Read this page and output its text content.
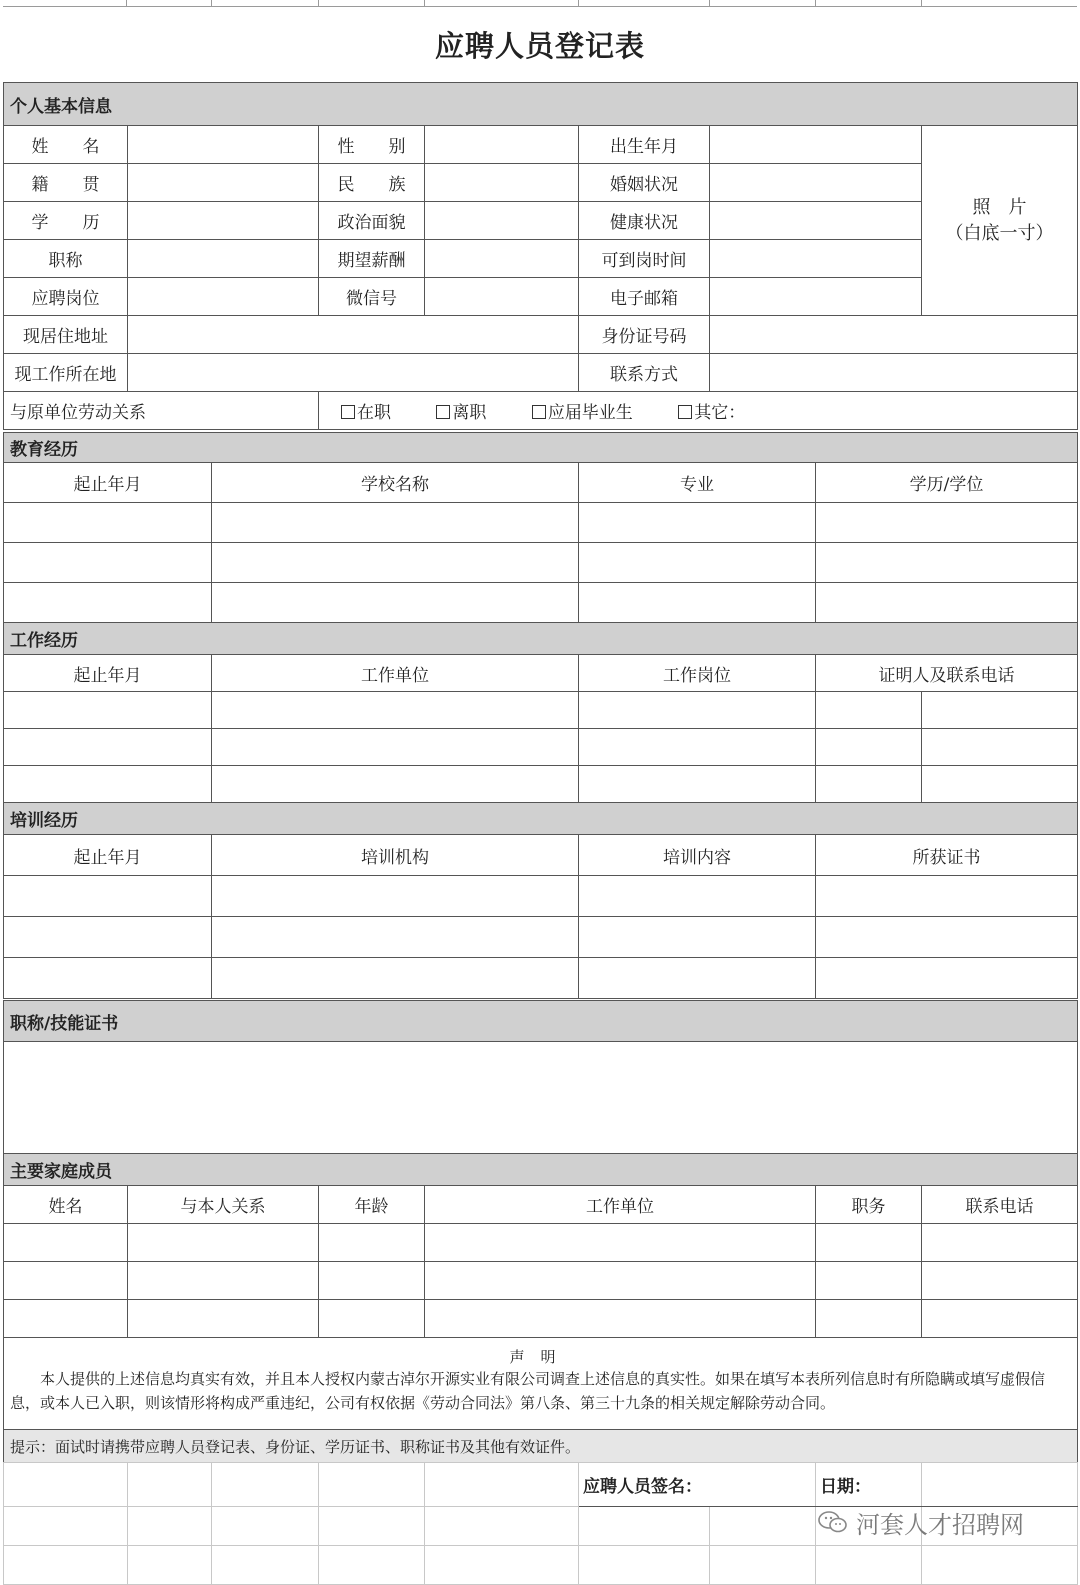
应聘人员登记表
个人基本信息						
姓　　名		性　　别		出生年月		照　片
（白底一寸）

籍　　贯		民　　族		婚姻状况		
学　　历		政治面貌		健康状况		
职称		期望薪酬		可到岗时间		
应聘岗位		微信号		电子邮箱		
现居住地址				身份证号码		
现工作所在地				联系方式		
与原单位劳动关系		在职 离职 应届毕业生 其它：				
教育经历			
起止年月	学校名称	专业	学历/学位

工作经历				
起止年月	工作单位	工作岗位	证明人及联系电话	

培训经历			
起止年月	培训机构	培训内容	所获证书

职称/技能证书

主要家庭成员					
姓名	与本人关系	年龄	工作单位	职务	联系电话

声明
本人提供的上述信息均真实有效，并且本人授权内蒙古淖尔开源实业有限公司调查上述信息的真实性。如果在填写本表所列信息时有所隐瞒或填写虚假信息，或本人已入职，则该情形将构成严重违纪，公司有权依据《劳动合同法》第八条、第三十九条的相关规定解除劳动合同。

提示：面试时请携带应聘人员登记表、身份证、学历证书、职称证书及其他有效证件。
					应聘人员签名：		日期：	

河套人才招聘网
